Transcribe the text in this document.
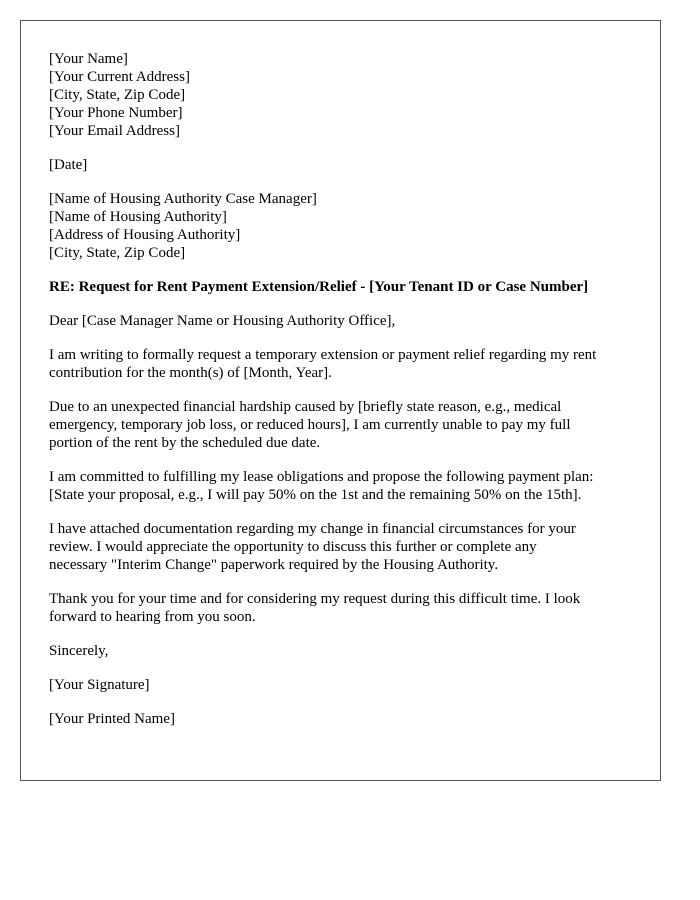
[Your Name]
[Your Current Address]
[City, State, Zip Code]
[Your Phone Number]
[Your Email Address]
[Date]
[Name of Housing Authority Case Manager]
[Name of Housing Authority]
[Address of Housing Authority]
[City, State, Zip Code]
RE: Request for Rent Payment Extension/Relief - [Your Tenant ID or Case Number]
Dear [Case Manager Name or Housing Authority Office],
I am writing to formally request a temporary extension or payment relief regarding my rent
contribution for the month(s) of [Month, Year].
Due to an unexpected financial hardship caused by [briefly state reason, e.g., medical
emergency, temporary job loss, or reduced hours], I am currently unable to pay my full
portion of the rent by the scheduled due date.
I am committed to fulfilling my lease obligations and propose the following payment plan:
[State your proposal, e.g., I will pay 50% on the 1st and the remaining 50% on the 15th].
I have attached documentation regarding my change in financial circumstances for your
review. I would appreciate the opportunity to discuss this further or complete any
necessary "Interim Change" paperwork required by the Housing Authority.
Thank you for your time and for considering my request during this difficult time. I look
forward to hearing from you soon.
Sincerely,
[Your Signature]
[Your Printed Name]
